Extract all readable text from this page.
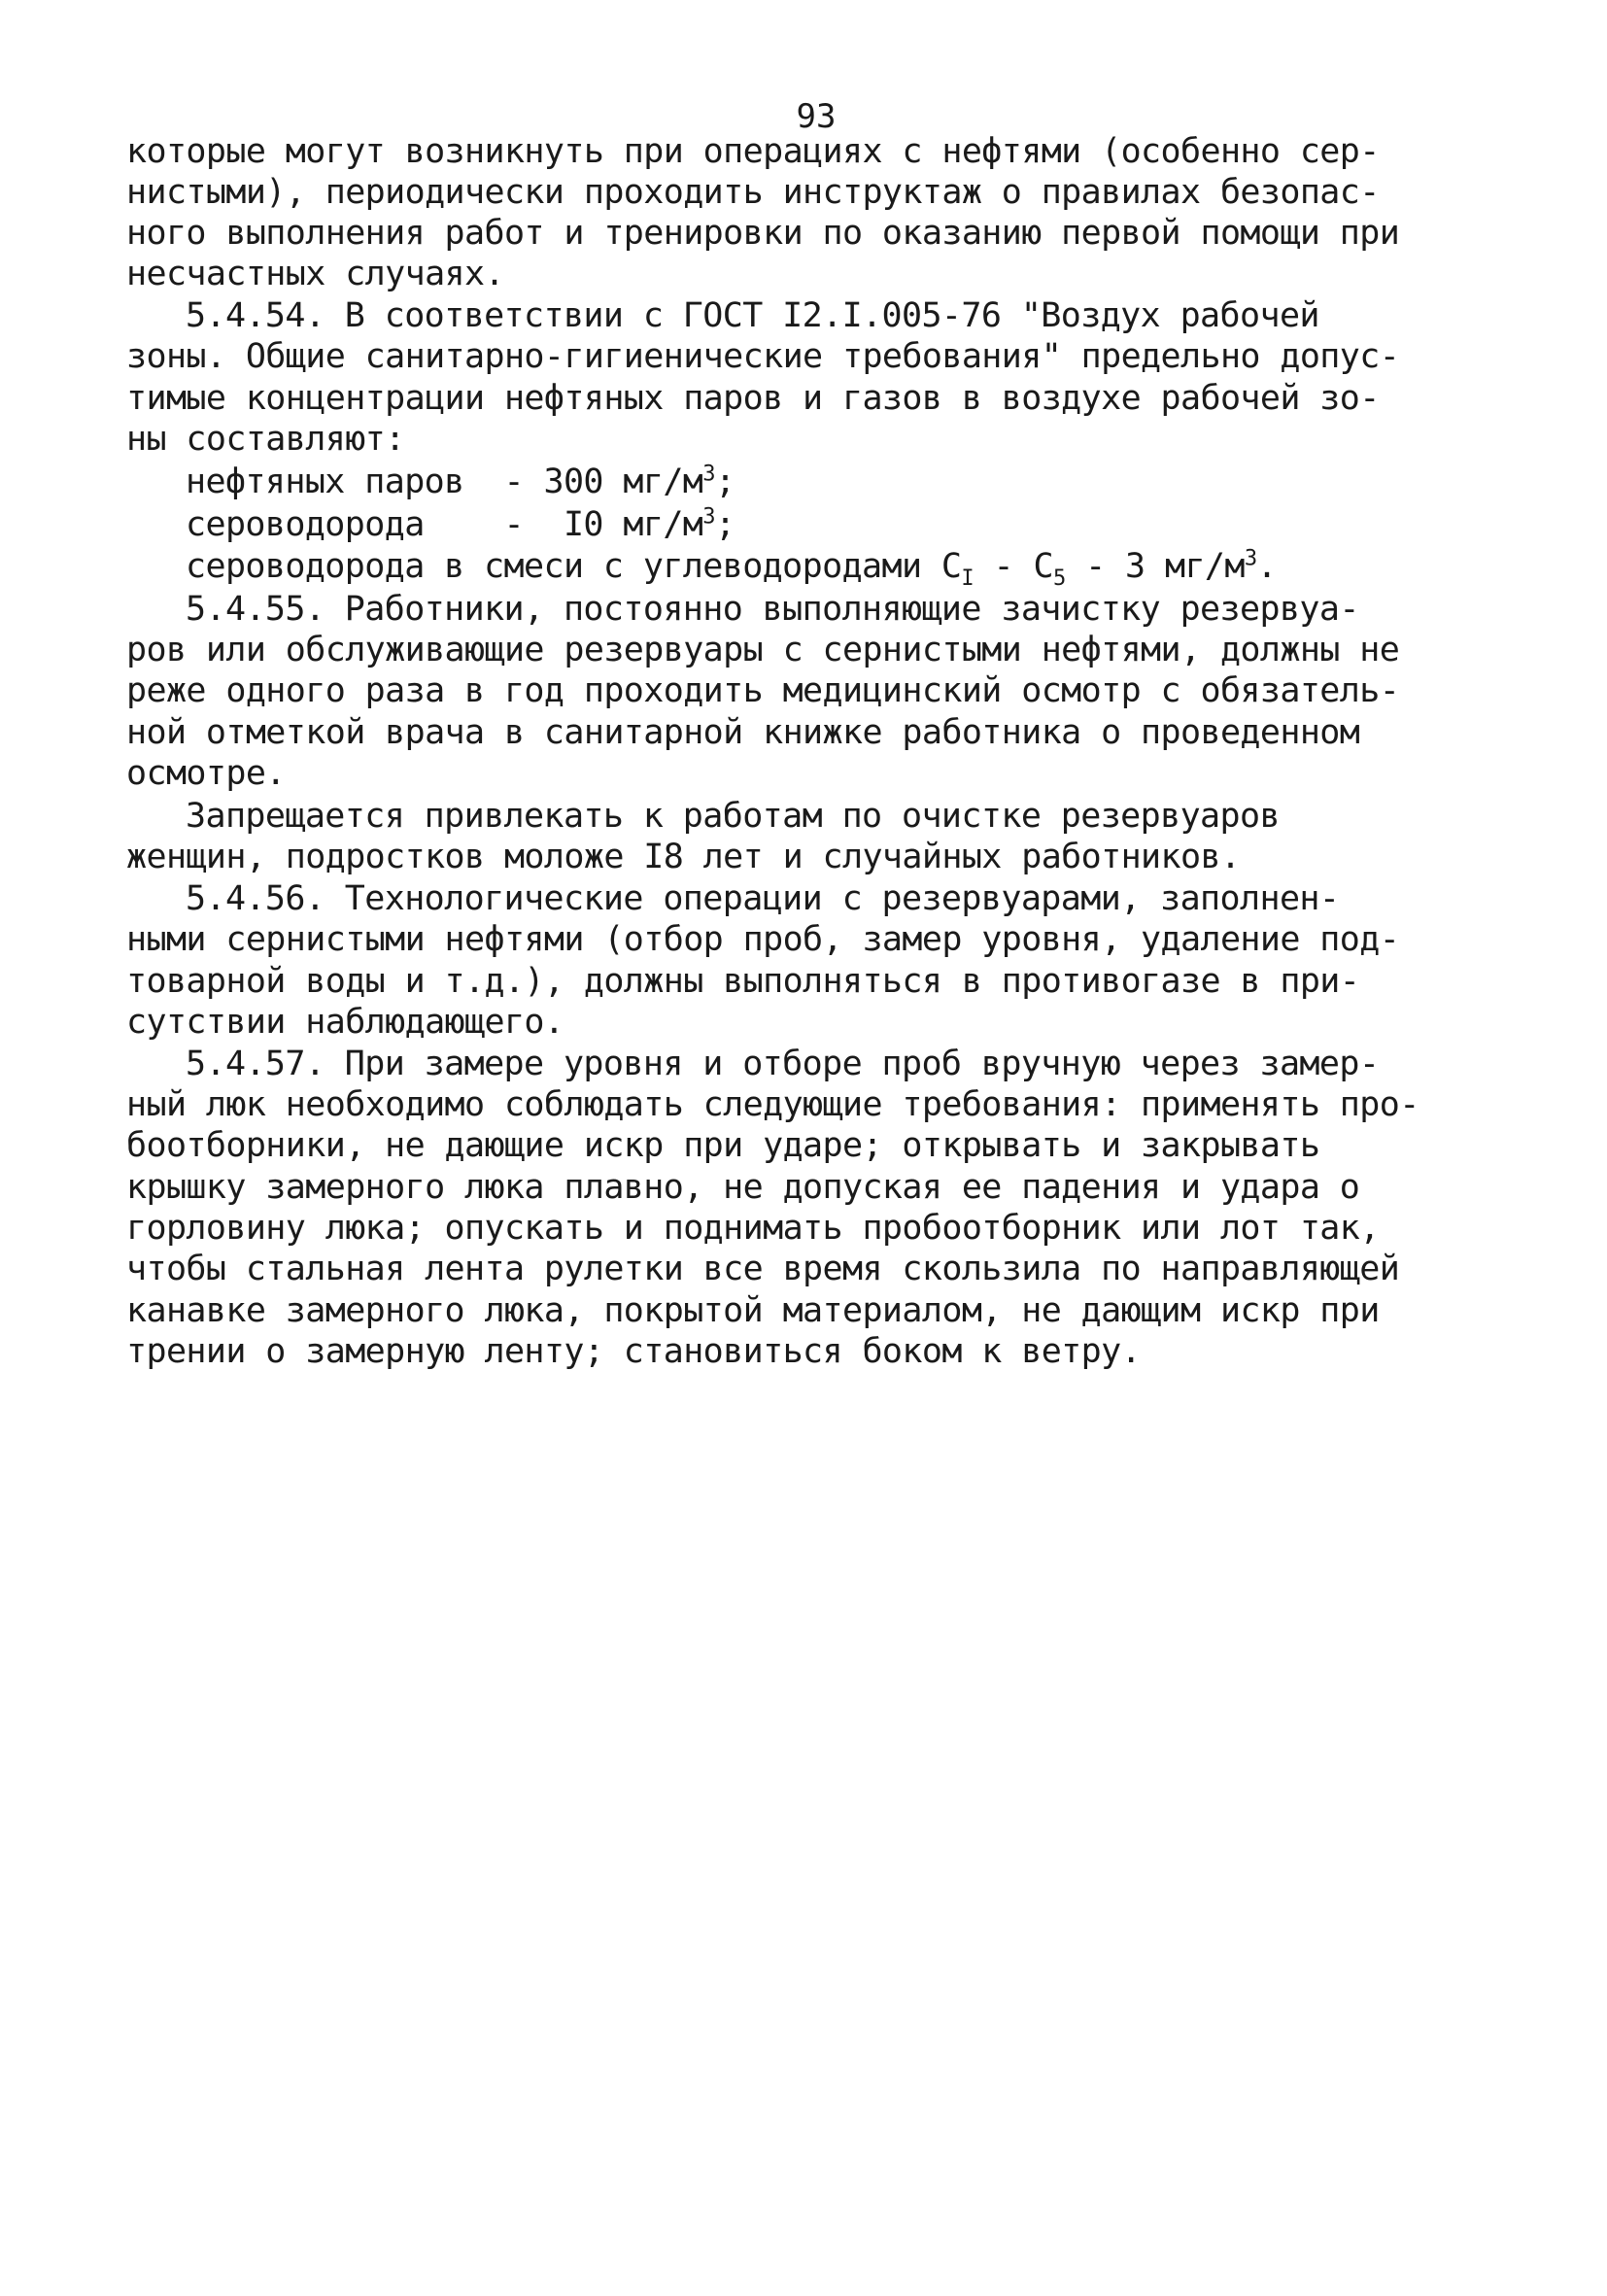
93
которые могут возникнуть при операциях с нефтями (особенно сер-
нистыми), периодически проходить инструктаж о правилах безопас-
ного выполнения работ и тренировки по оказанию первой помощи при
несчастных случаях.
5.4.54. В соответствии с ГОСТ I2.I.005-76 "Воздух рабочей
зоны. Общие санитарно-гигиенические требования" предельно допус-
тимые концентрации нефтяных паров и газов в воздухе рабочей зо-
ны составляют:
нефтяных паров  - 300 $мг/м^3$;
сероводорода    -  I0 $мг/м^3$;
сероводорода в смеси с углеводородами $С_I - С_5 - 3$ $мг/м^3$.
5.4.55. Работники, постоянно выполняющие зачистку резервуа-
ров или обслуживающие резервуары с сернистыми нефтями, должны не
реже одного раза в год проходить медицинский осмотр с обязатель-
ной отметкой врача в санитарной книжке работника о проведенном
осмотре.
Запрещается привлекать к работам по очистке резервуаров
женщин, подростков моложе I8 лет и случайных работников.
5.4.56. Технологические операции с резервуарами, заполнен-
ными сернистыми нефтями (отбор проб, замер уровня, удаление под-
товарной воды и т.д.), должны выполняться в противогазе в при-
сутствии наблюдающего.
5.4.57. При замере уровня и отборе проб вручную через замер-
ный люк необходимо соблюдать следующие требования: применять про-
боотборники, не дающие искр при ударе; открывать и закрывать
крышку замерного люка плавно, не допуская ее падения и удара о
горловину люка; опускать и поднимать пробоотборник или лот так,
чтобы стальная лента рулетки все время скользила по направляющей
канавке замерного люка, покрытой материалом, не дающим искр при
трении о замерную ленту; становиться боком к ветру.
